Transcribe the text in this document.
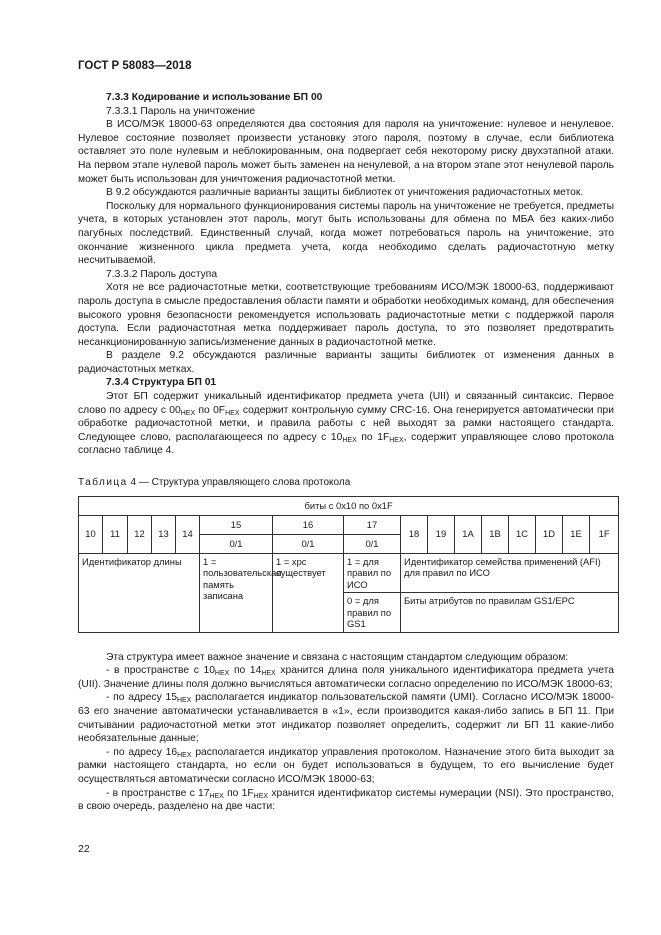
ГОСТ Р 58083—2018

7.3.3 Кодирование и использование БП 00

7.3.3.1 Пароль на уничтожение

В ИСО/МЭК 18000-63 определяются два состояния для пароля на уничтожение: нулевое и ненулевое. Нулевое состояние позволяет произвести установку этого пароля, поэтому в случае, если библиотека оставляет это поле нулевым и неблокированным, она подвергает себя некоторому риску двухэтапной атаки. На первом этапе нулевой пароль может быть заменен на ненулевой, а на втором этапе этот ненулевой пароль может быть использован для уничтожения радиочастотной метки.

В 9.2 обсуждаются различные варианты защиты библиотек от уничтожения радиочастотных меток.

Поскольку для нормального функционирования системы пароль на уничтожение не требуется, предметы учета, в которых установлен этот пароль, могут быть использованы для обмена по МБА без каких-либо пагубных последствий. Единственный случай, когда может потребоваться пароль на уничтожение, это окончание жизненного цикла предмета учета, когда необходимо сделать радиочастотную метку несчитываемой.

7.3.3.2 Пароль доступа

Хотя не все радиочастотные метки, соответствующие требованиям ИСО/МЭК 18000-63, поддерживают пароль доступа в смысле предоставления области памяти и обработки необходимых команд, для обеспечения высокого уровня безопасности рекомендуется использовать радиочастотные метки с поддержкой пароля доступа. Если радиочастотная метка поддерживает пароль доступа, то это позволяет предотвратить несанкционированную запись/изменение данных в радиочастотной метке.

В разделе 9.2 обсуждаются различные варианты защиты библиотек от изменения данных в радиочастотных метках.

7.3.4 Структура БП 01

Этот БП содержит уникальный идентификатор предмета учета (UII) и связанный синтаксис. Первое слово по адресу с $00_{HEX}$ по $0F_{HEX}$ содержит контрольную сумму CRC-16. Она генерируется автоматически при обработке радиочастотной метки, и правила работы с ней выходят за рамки настоящего стандарта. Следующее слово, располагающееся по адресу с $10_{HEX}$ по $1F_{HEX}$, содержит управляющее слово протокола согласно таблице 4.

Таблица 4 — Структура управляющего слова протокола

биты с 0x10 по 0x1F															
10	11	12	13	14	15	16	17	18	19	1A	1B	1C	1D	1E	1F
					0/1	0/1	0/1								
Идентификатор длины					1 = пользовательская память записана	1 = xpc существует	1 = для правил по ИСО	Идентификатор семейства применений (AFI) для правил по ИСО							
							0 = для правил по GS1	Биты атрибутов по правилам GS1/EPC							

Эта структура имеет важное значение и связана с настоящим стандартом следующим образом:

- в пространстве с $10_{HEX}$ по $14_{HEX}$ хранится длина поля уникального идентификатора предмета учета (UII). Значение длины поля должно вычисляться автоматически согласно определению по ИСО/МЭК 18000-63;

- по адресу $15_{HEX}$ располагается индикатор пользовательской памяти (UMI). Согласно ИСО/МЭК 18000-63 его значение автоматически устанавливается в «1», если производится какая-либо запись в БП 11. При считывании радиочастотной метки этот индикатор позволяет определить, содержит ли БП 11 какие-либо необязательные данные;

- по адресу $16_{HEX}$ располагается индикатор управления протоколом. Назначение этого бита выходит за рамки настоящего стандарта, но если он будет использоваться в будущем, то его вычисление будет осуществляться автоматически согласно ИСО/МЭК 18000-63;

- в пространстве с $17_{HEX}$ по $1F_{HEX}$ хранится идентификатор системы нумерации (NSI). Это пространство, в свою очередь, разделено на две части:

22
